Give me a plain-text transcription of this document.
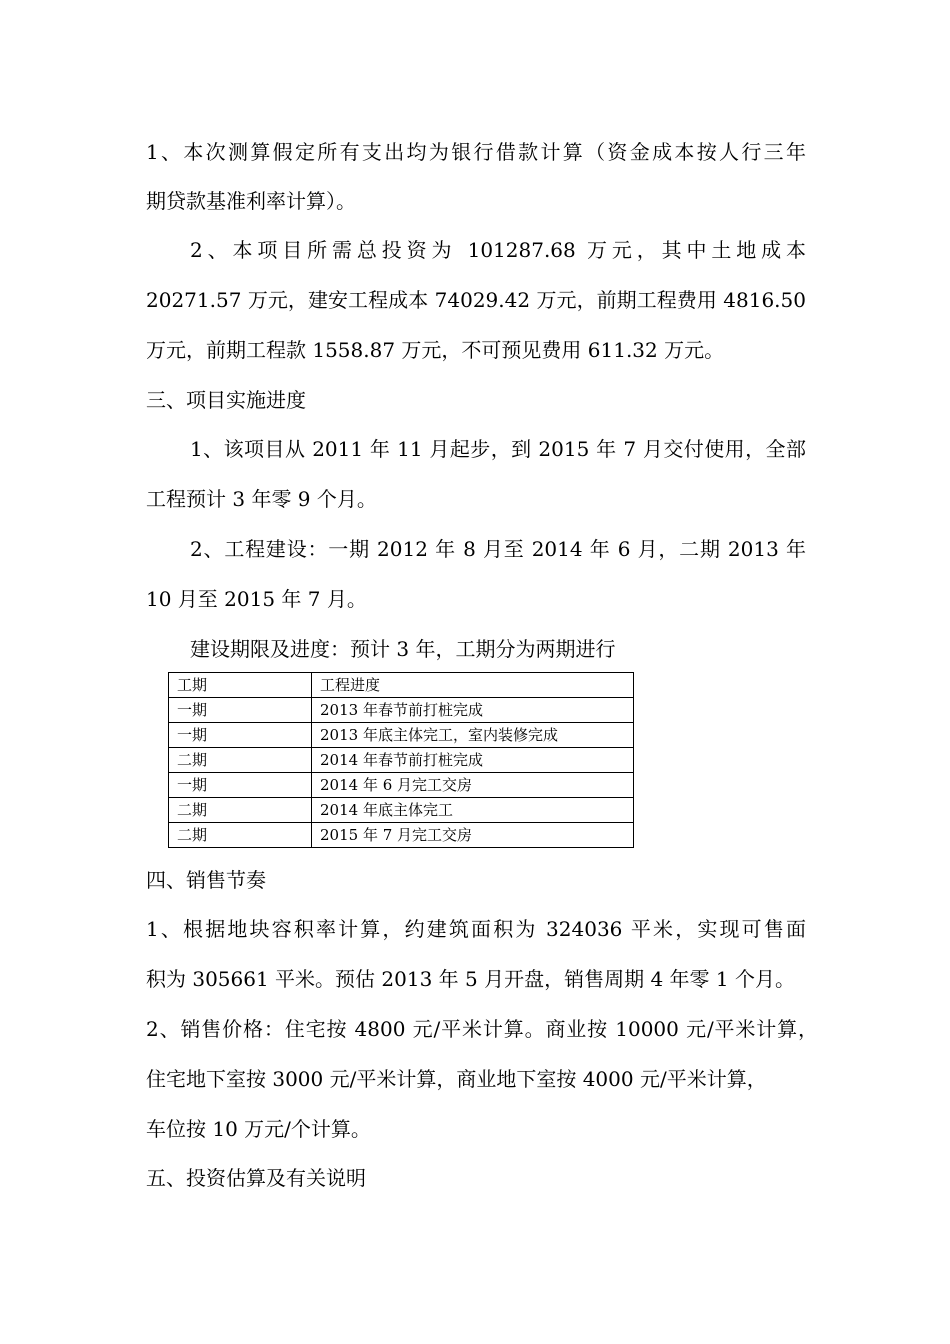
1、本次测算假定所有支出均为银行借款计算（资金成本按人行三年
期贷款基准利率计算）。
2、本项目所需总投资为 101287.68 万元，其中土地成本
20271.57 万元，建安工程成本 74029.42 万元，前期工程费用 4816.50
万元，前期工程款 1558.87 万元，不可预见费用 611.32 万元。
三、项目实施进度
1、该项目从 2011 年 11 月起步，到 2015 年 7 月交付使用，全部
工程预计 3 年零 9 个月。
2、工程建设：一期 2012 年 8 月至 2014 年 6 月，二期 2013 年
10 月至 2015 年 7 月。
建设期限及进度：预计 3 年，工期分为两期进行
工期	工程进度
一期	2013 年春节前打桩完成
一期	2013 年底主体完工，室内装修完成
二期	2014 年春节前打桩完成
一期	2014 年 6 月完工交房
二期	2014 年底主体完工
二期	2015 年 7 月完工交房
四、销售节奏
1、根据地块容积率计算，约建筑面积为 324036 平米，实现可售面
积为 305661 平米。预估 2013 年 5 月开盘，销售周期 4 年零 1 个月。
2、销售价格：住宅按 4800 元/平米计算。商业按 10000 元/平米计算，
住宅地下室按 3000 元/平米计算，商业地下室按 4000 元/平米计算，
车位按 10 万元/个计算。
五、投资估算及有关说明
